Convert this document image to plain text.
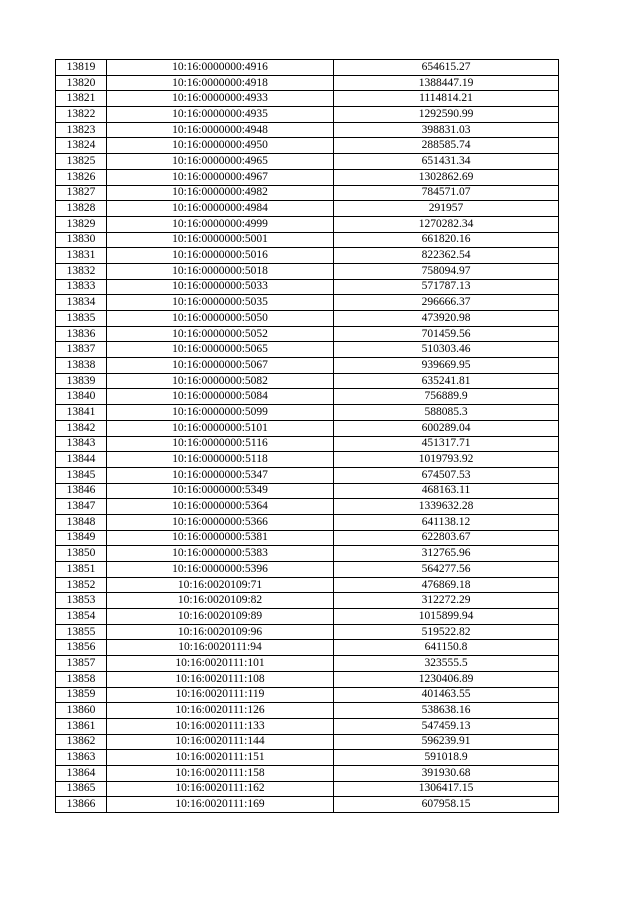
13819	10:16:0000000:4916	654615.27
13820	10:16:0000000:4918	1388447.19
13821	10:16:0000000:4933	1114814.21
13822	10:16:0000000:4935	1292590.99
13823	10:16:0000000:4948	398831.03
13824	10:16:0000000:4950	288585.74
13825	10:16:0000000:4965	651431.34
13826	10:16:0000000:4967	1302862.69
13827	10:16:0000000:4982	784571.07
13828	10:16:0000000:4984	291957
13829	10:16:0000000:4999	1270282.34
13830	10:16:0000000:5001	661820.16
13831	10:16:0000000:5016	822362.54
13832	10:16:0000000:5018	758094.97
13833	10:16:0000000:5033	571787.13
13834	10:16:0000000:5035	296666.37
13835	10:16:0000000:5050	473920.98
13836	10:16:0000000:5052	701459.56
13837	10:16:0000000:5065	510303.46
13838	10:16:0000000:5067	939669.95
13839	10:16:0000000:5082	635241.81
13840	10:16:0000000:5084	756889.9
13841	10:16:0000000:5099	588085.3
13842	10:16:0000000:5101	600289.04
13843	10:16:0000000:5116	451317.71
13844	10:16:0000000:5118	1019793.92
13845	10:16:0000000:5347	674507.53
13846	10:16:0000000:5349	468163.11
13847	10:16:0000000:5364	1339632.28
13848	10:16:0000000:5366	641138.12
13849	10:16:0000000:5381	622803.67
13850	10:16:0000000:5383	312765.96
13851	10:16:0000000:5396	564277.56
13852	10:16:0020109:71	476869.18
13853	10:16:0020109:82	312272.29
13854	10:16:0020109:89	1015899.94
13855	10:16:0020109:96	519522.82
13856	10:16:0020111:94	641150.8
13857	10:16:0020111:101	323555.5
13858	10:16:0020111:108	1230406.89
13859	10:16:0020111:119	401463.55
13860	10:16:0020111:126	538638.16
13861	10:16:0020111:133	547459.13
13862	10:16:0020111:144	596239.91
13863	10:16:0020111:151	591018.9
13864	10:16:0020111:158	391930.68
13865	10:16:0020111:162	1306417.15
13866	10:16:0020111:169	607958.15
